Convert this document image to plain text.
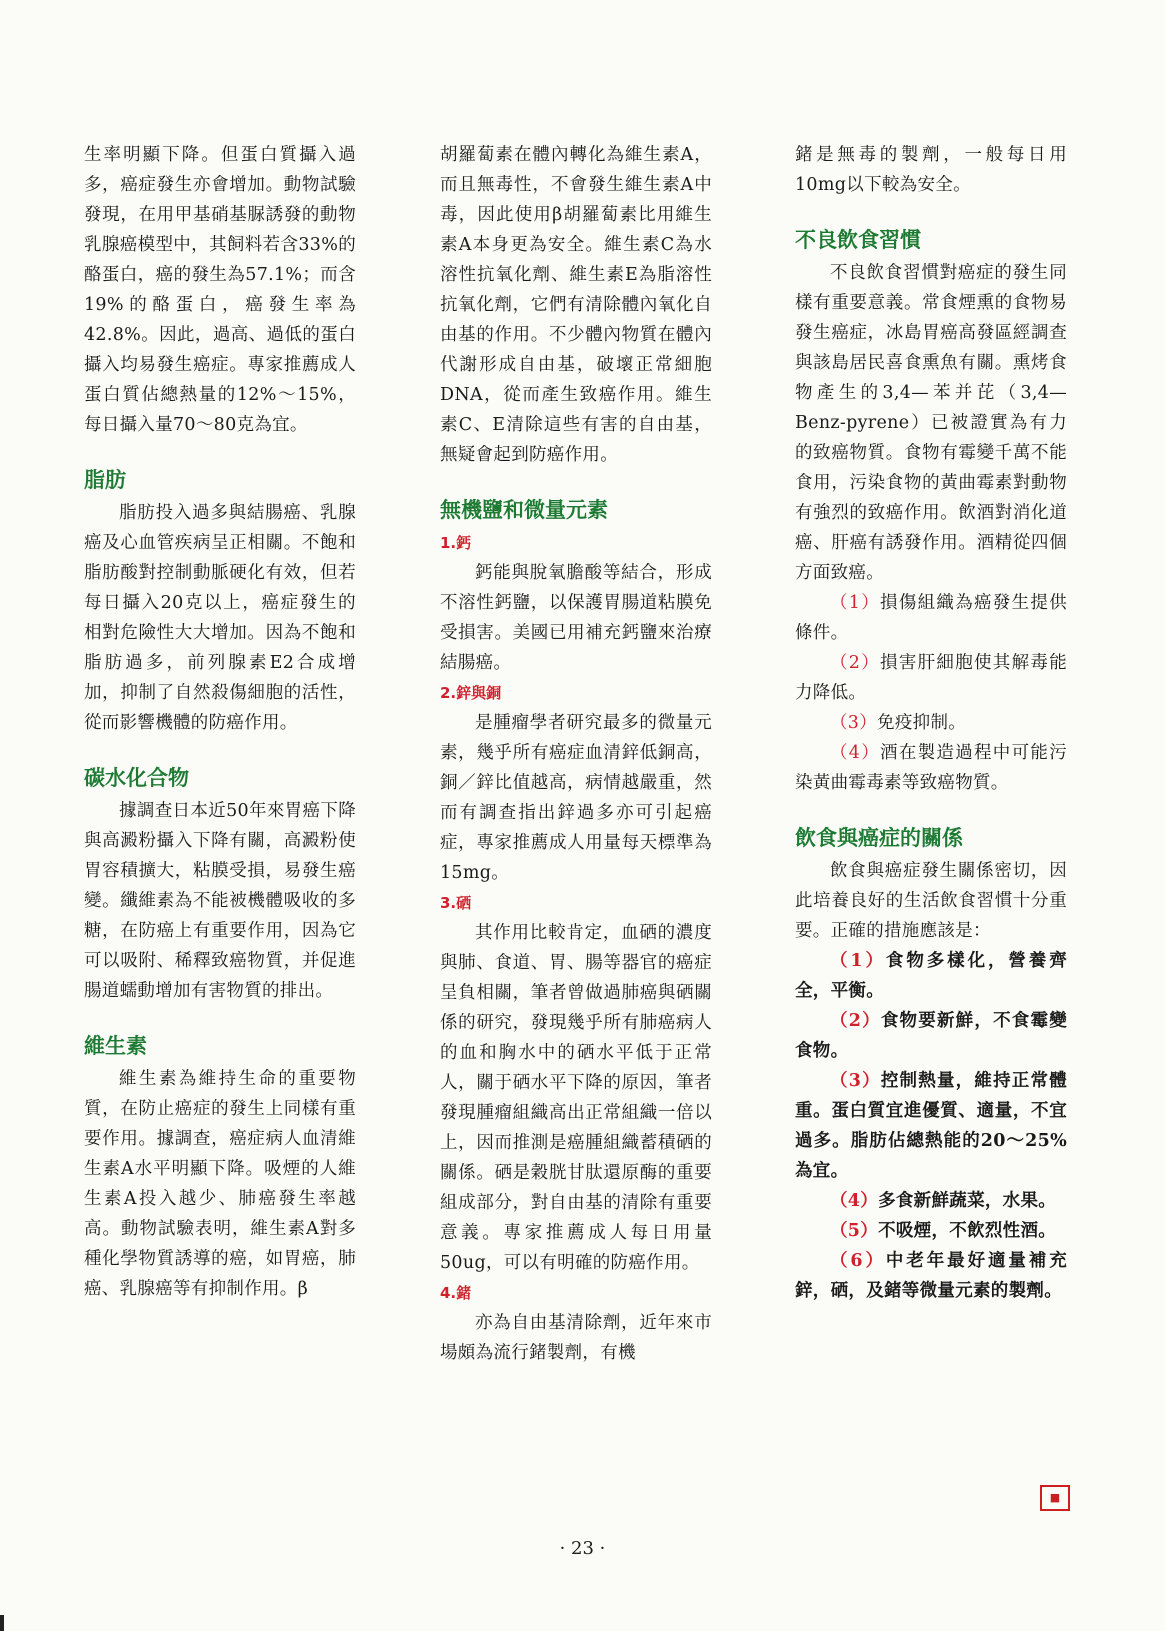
生率明顯下降。但蛋白質攝入過多，癌症發生亦會增加。動物試驗發現，在用甲基硝基脲誘發的動物乳腺癌模型中，其飼料若含33%的酪蛋白，癌的發生為57.1%；而含19%的酪蛋白，癌發生率為42.8%。因此，過高、過低的蛋白攝入均易發生癌症。專家推薦成人蛋白質佔總熱量的12%～15%，每日攝入量70～80克為宜。

脂肪

脂肪投入過多與結腸癌、乳腺癌及心血管疾病呈正相關。不飽和脂肪酸對控制動脈硬化有效，但若每日攝入20克以上，癌症發生的相對危險性大大增加。因為不飽和脂肪過多，前列腺素E2合成增加，抑制了自然殺傷細胞的活性，從而影響機體的防癌作用。

碳水化合物

據調查日本近50年來胃癌下降與高澱粉攝入下降有關，高澱粉使胃容積擴大，粘膜受損，易發生癌變。纖維素為不能被機體吸收的多糖，在防癌上有重要作用，因為它可以吸附、稀釋致癌物質，并促進腸道蠕動增加有害物質的排出。

維生素

維生素為維持生命的重要物質，在防止癌症的發生上同樣有重要作用。據調查，癌症病人血清維生素A水平明顯下降。吸煙的人維生素A投入越少、肺癌發生率越高。動物試驗表明，維生素A對多種化學物質誘導的癌，如胃癌，肺癌、乳腺癌等有抑制作用。β

胡羅蔔素在體內轉化為維生素A，而且無毒性，不會發生維生素A中毒，因此使用β胡羅蔔素比用維生素A本身更為安全。維生素C為水溶性抗氧化劑、維生素E為脂溶性抗氧化劑，它們有清除體內氧化自由基的作用。不少體內物質在體內代謝形成自由基，破壞正常細胞DNA，從而產生致癌作用。維生素C、E清除這些有害的自由基，無疑會起到防癌作用。

無機鹽和微量元素
1.鈣

鈣能與脫氧膽酸等結合，形成不溶性鈣鹽，以保護胃腸道粘膜免受損害。美國已用補充鈣鹽來治療結腸癌。

2.鋅與銅

是腫瘤學者研究最多的微量元素，幾乎所有癌症血清鋅低銅高，銅／鋅比值越高，病情越嚴重，然而有調查指出鋅過多亦可引起癌症，專家推薦成人用量每天標準為15mg。

3.硒

其作用比較肯定，血硒的濃度與肺、食道、胃、腸等器官的癌症呈負相關，筆者曾做過肺癌與硒關係的研究，發現幾乎所有肺癌病人的血和胸水中的硒水平低于正常人，關于硒水平下降的原因，筆者發現腫瘤組織高出正常組織一倍以上，因而推測是癌腫組織蓄積硒的關係。硒是穀胱甘肽還原酶的重要組成部分，對自由基的清除有重要意義。專家推薦成人每日用量50ug，可以有明確的防癌作用。

4.鍺

亦為自由基清除劑，近年來市場頗為流行鍺製劑，有機

鍺是無毒的製劑，一般每日用10mg以下較為安全。

不良飲食習慣

不良飲食習慣對癌症的發生同樣有重要意義。常食煙熏的食物易發生癌症，冰島胃癌高發區經調查與該島居民喜食熏魚有關。熏烤食物產生的3,4—苯并芘（3,4—Benz-pyrene）已被證實為有力的致癌物質。食物有霉變千萬不能食用，污染食物的黃曲霉素對動物有強烈的致癌作用。飲酒對消化道癌、肝癌有誘發作用。酒精從四個方面致癌。

（1）損傷組織為癌發生提供條件。

（2）損害肝細胞使其解毒能力降低。

（3）免疫抑制。

（4）酒在製造過程中可能污染黃曲霉毒素等致癌物質。

飲食與癌症的關係

飲食與癌症發生關係密切，因此培養良好的生活飲食習慣十分重要。正確的措施應該是：

（1）食物多樣化，營養齊全，平衡。

（2）食物要新鮮，不食霉變食物。

（3）控制熱量，維持正常體重。蛋白質宜進優質、適量，不宜過多。脂肪佔總熱能的20～25%為宜。

（4）多食新鮮蔬菜，水果。

（5）不吸煙，不飲烈性酒。

（6）中老年最好適量補充鋅，硒，及鍺等微量元素的製劑。

■
· 23 ·
